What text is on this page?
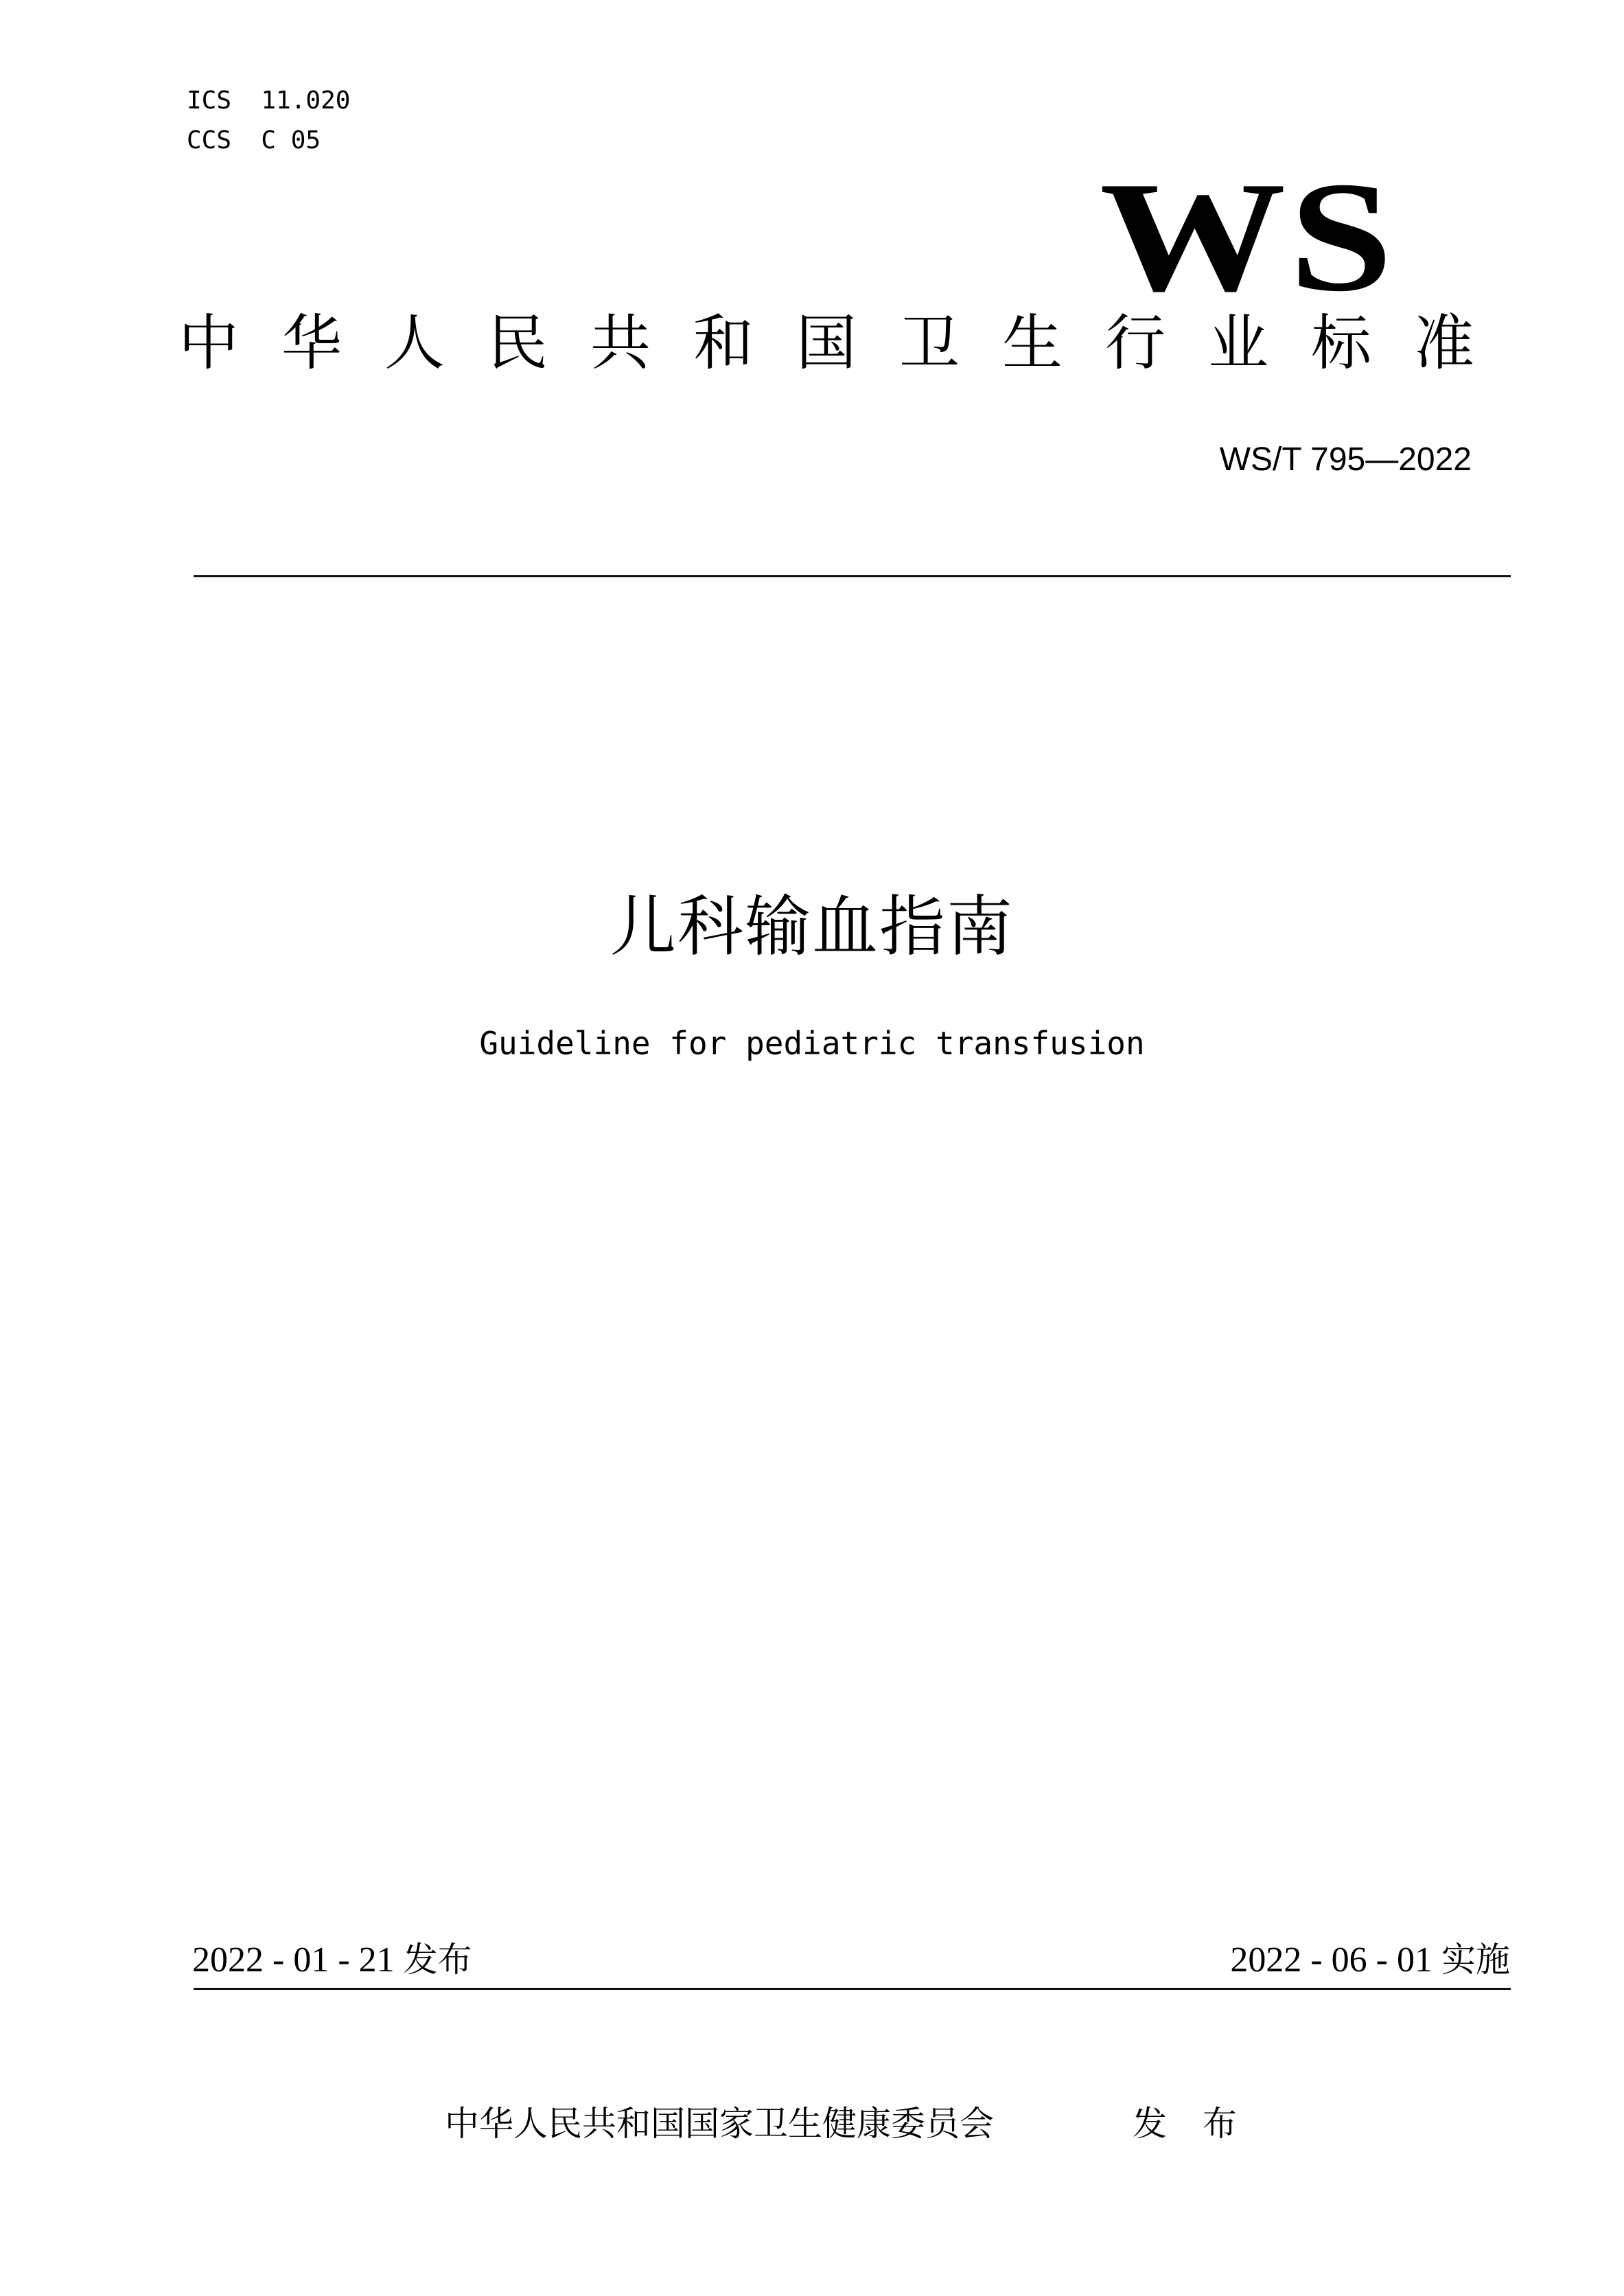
ICS  11.020
CCS  C 05
WS
中华人民共和国卫生行业标准
WS/T 795—2022
儿科输血指南
Guideline for pediatric transfusion
2022 - 01 - 21 发布	2022 - 06 - 01 实施
中华人民共和国国家卫生健康委员会	发 布
